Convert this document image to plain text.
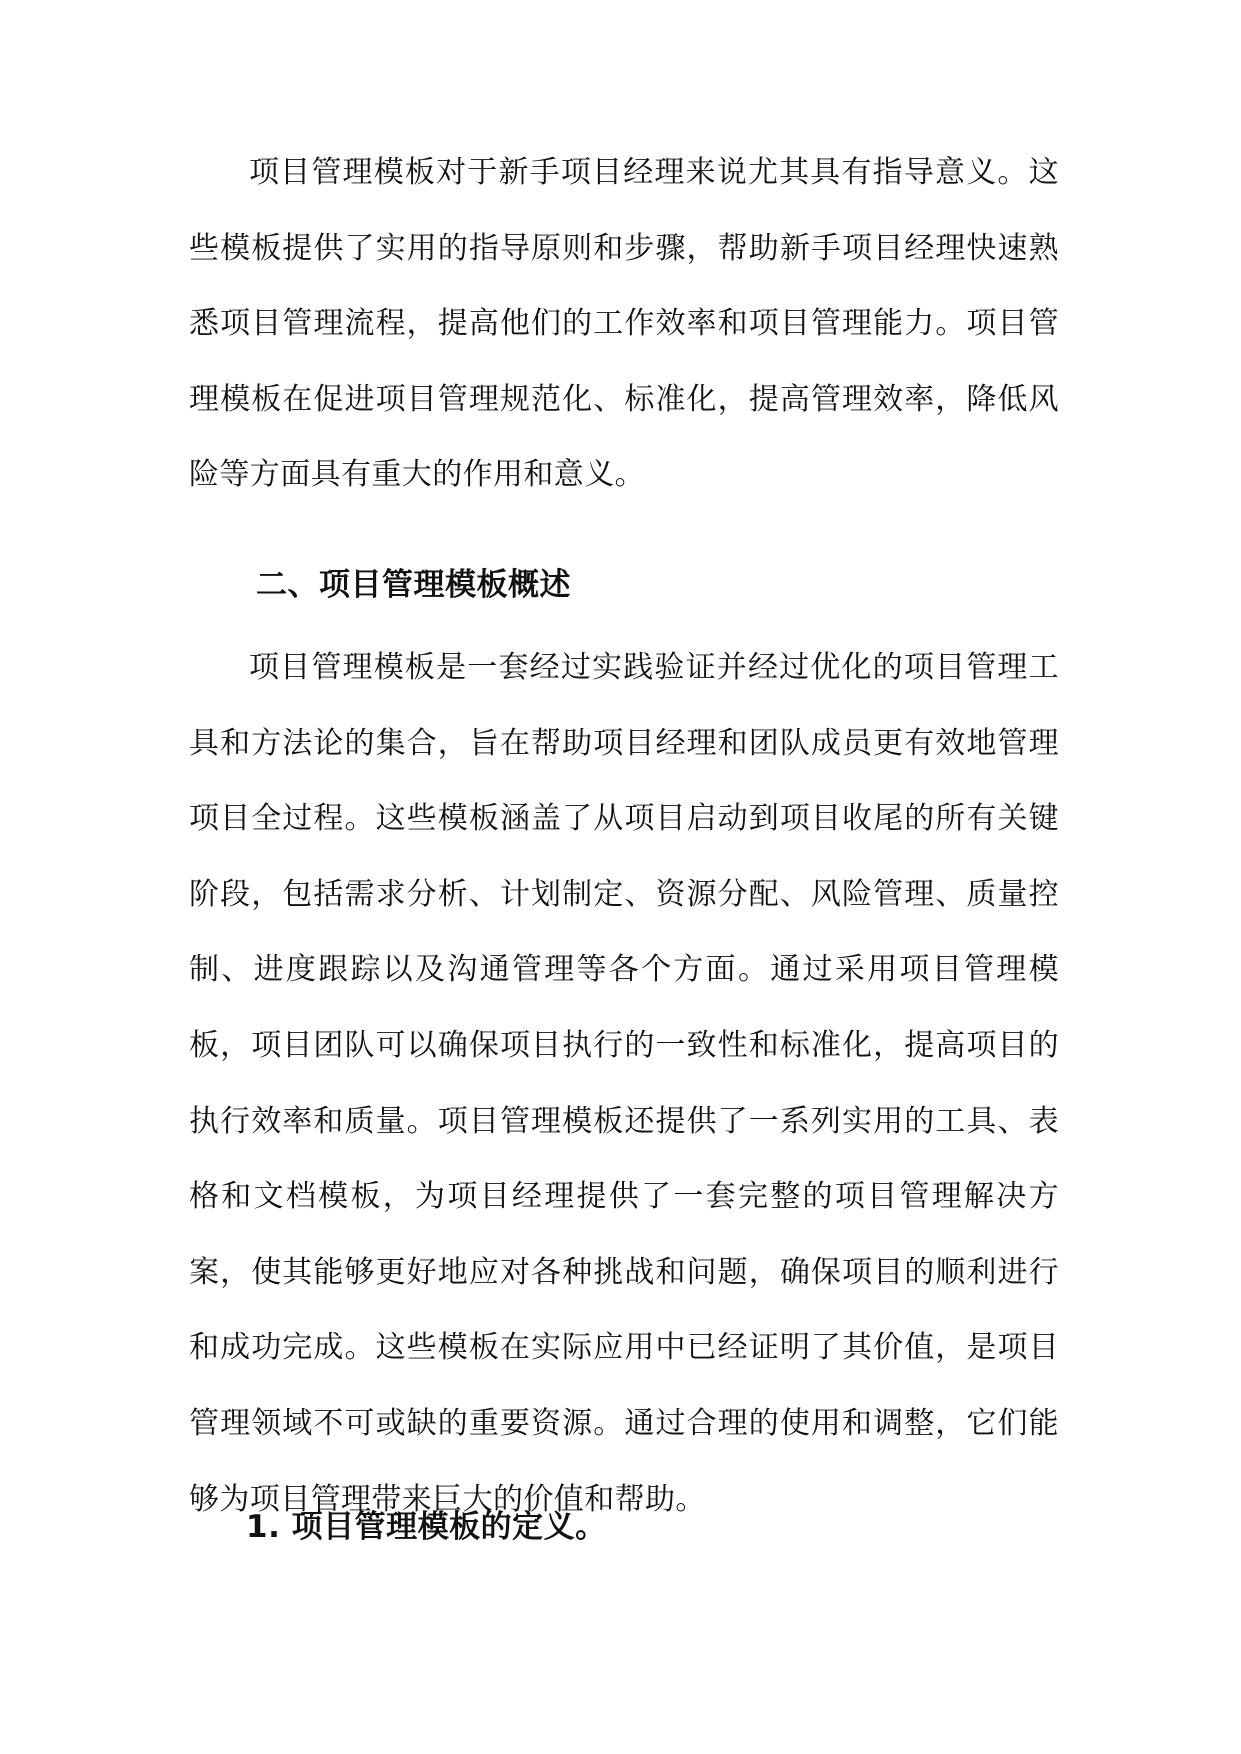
项目管理模板对于新手项目经理来说尤其具有指导意义。这些模板提供了实用的指导原则和步骤，帮助新手项目经理快速熟悉项目管理流程，提高他们的工作效率和项目管理能力。项目管理模板在促进项目管理规范化、标准化，提高管理效率，降低风险等方面具有重大的作用和意义。

二、项目管理模板概述

项目管理模板是一套经过实践验证并经过优化的项目管理工具和方法论的集合，旨在帮助项目经理和团队成员更有效地管理项目全过程。这些模板涵盖了从项目启动到项目收尾的所有关键阶段，包括需求分析、计划制定、资源分配、风险管理、质量控制、进度跟踪以及沟通管理等各个方面。通过采用项目管理模板，项目团队可以确保项目执行的一致性和标准化，提高项目的执行效率和质量。项目管理模板还提供了一系列实用的工具、表格和文档模板，为项目经理提供了一套完整的项目管理解决方案，使其能够更好地应对各种挑战和问题，确保项目的顺利进行和成功完成。这些模板在实际应用中已经证明了其价值，是项目管理领域不可或缺的重要资源。通过合理的使用和调整，它们能够为项目管理带来巨大的价值和帮助。

1. 项目管理模板的定义。
